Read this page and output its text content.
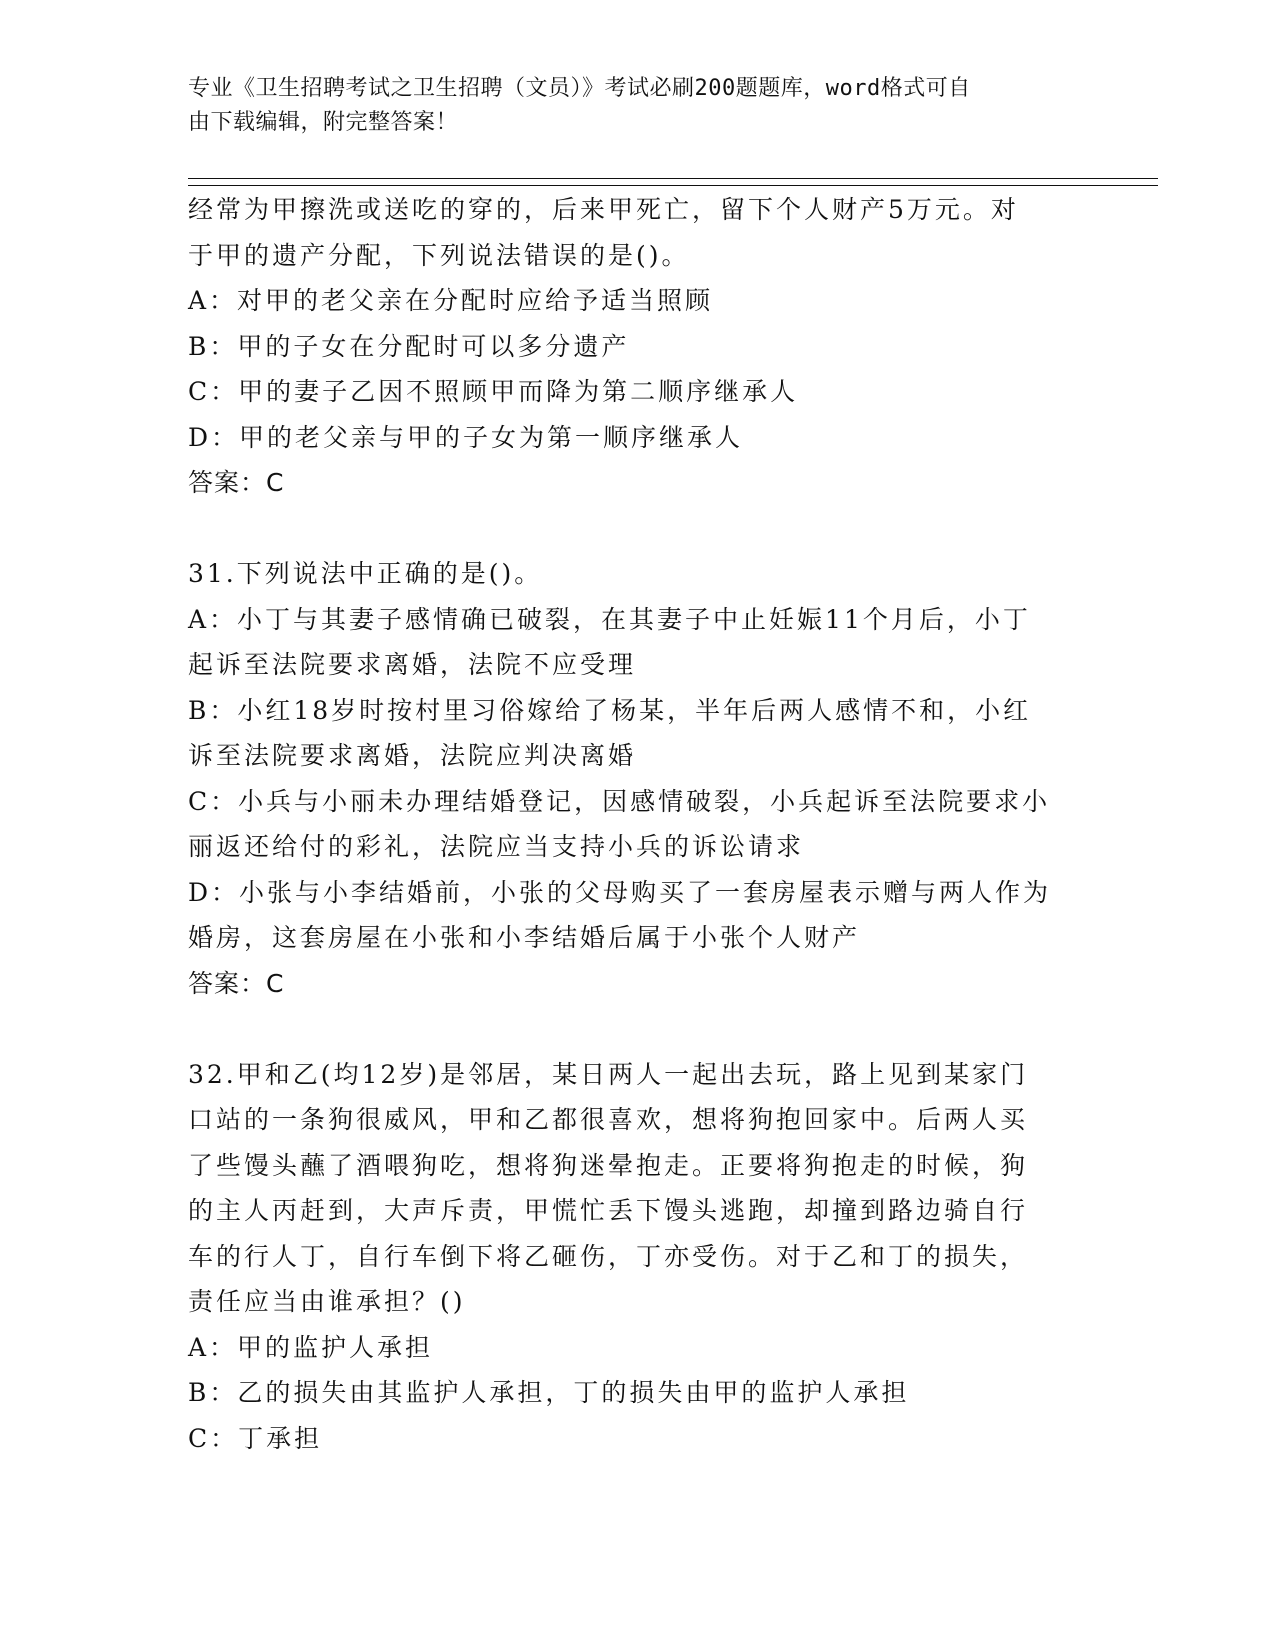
专业《卫生招聘考试之卫生招聘（文员）》考试必刷200题题库，word格式可自

由下载编辑，附完整答案！

经常为甲擦洗或送吃的穿的，后来甲死亡，留下个人财产5万元。对

于甲的遗产分配，下列说法错误的是()。

A：对甲的老父亲在分配时应给予适当照顾

B：甲的子女在分配时可以多分遗产

C：甲的妻子乙因不照顾甲而降为第二顺序继承人

D：甲的老父亲与甲的子女为第一顺序继承人

答案：C

31.下列说法中正确的是()。

A：小丁与其妻子感情确已破裂，在其妻子中止妊娠11个月后，小丁

起诉至法院要求离婚，法院不应受理

B：小红18岁时按村里习俗嫁给了杨某，半年后两人感情不和，小红

诉至法院要求离婚，法院应判决离婚

C：小兵与小丽未办理结婚登记，因感情破裂，小兵起诉至法院要求小

丽返还给付的彩礼，法院应当支持小兵的诉讼请求

D：小张与小李结婚前，小张的父母购买了一套房屋表示赠与两人作为

婚房，这套房屋在小张和小李结婚后属于小张个人财产

答案：C

32.甲和乙(均12岁)是邻居，某日两人一起出去玩，路上见到某家门

口站的一条狗很威风，甲和乙都很喜欢，想将狗抱回家中。后两人买

了些馒头蘸了酒喂狗吃，想将狗迷晕抱走。正要将狗抱走的时候，狗

的主人丙赶到，大声斥责，甲慌忙丢下馒头逃跑，却撞到路边骑自行

车的行人丁，自行车倒下将乙砸伤，丁亦受伤。对于乙和丁的损失，

责任应当由谁承担？()

A：甲的监护人承担

B：乙的损失由其监护人承担，丁的损失由甲的监护人承担

C：丁承担
